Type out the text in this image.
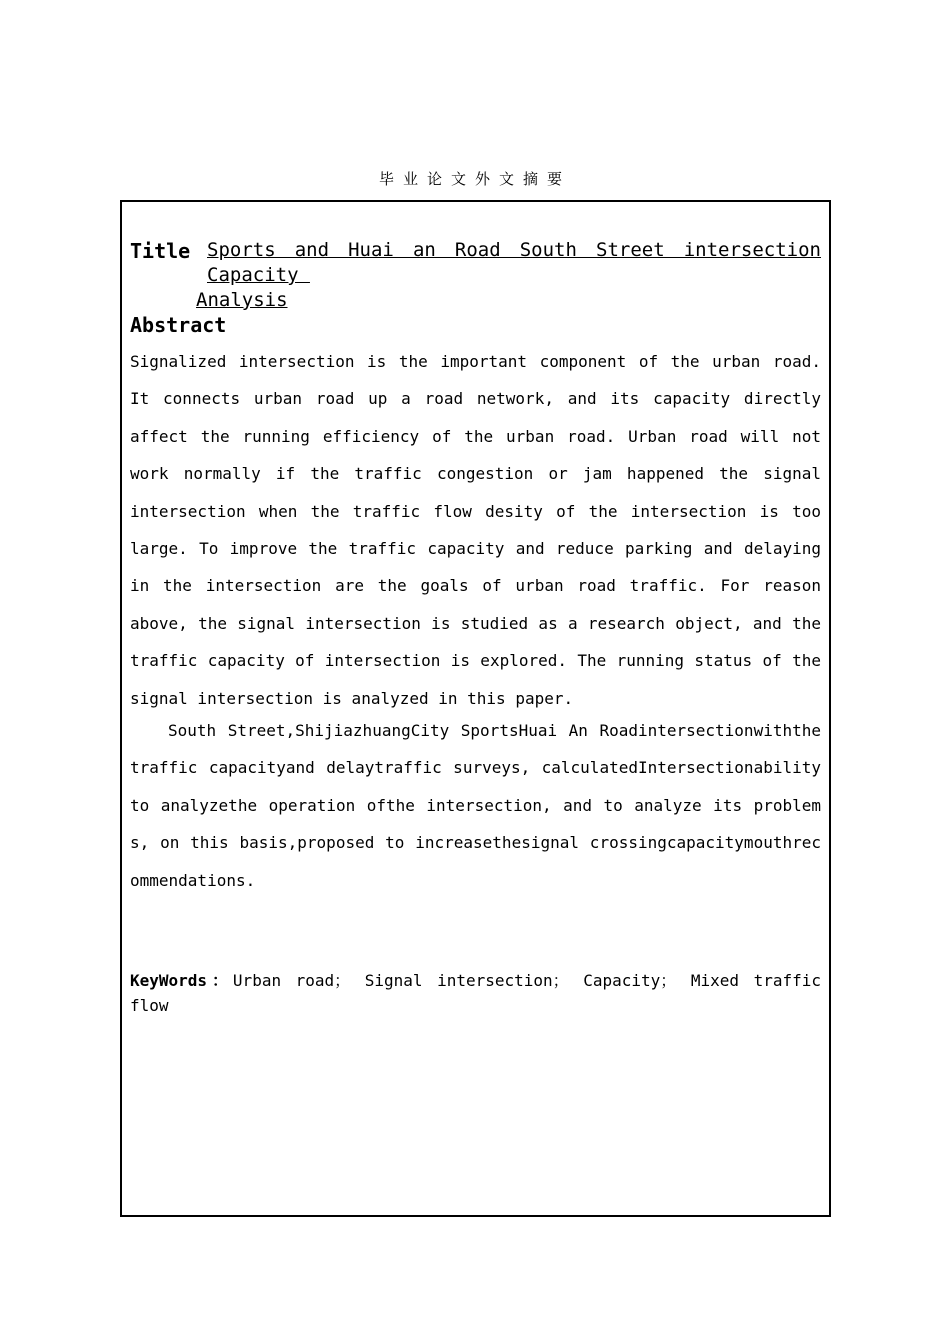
毕业论文外文摘要
Title Sports and Huai an Road South Street intersection
Capacity
Analysis
Abstract

Signalized intersection is the important component of the urban road. It connects urban road up a road network, and its capacity directly affect the running efficiency of the urban road. Urban road will not work normally if the traffic congestion or jam happened the signal intersection when the traffic flow desity of the intersection is too large. To improve the traffic capacity and reduce parking and delaying in the intersection are the goals of urban road traffic. For reason above, the signal intersection is studied as a research object, and the traffic capacity of intersection is explored. The running status of the signal intersection is analyzed in this paper.

South Street,ShijiazhuangCity SportsHuai An Roadintersectionwiththe traffic capacityand delaytraffic surveys, calculatedIntersectionability to analyzethe operation ofthe intersection, and to analyze its problems, on this basis,proposed to increasethesignal crossingcapacitymouthrecommendations.

KeyWords：Urban road； Signal intersection； Capacity； Mixed traffic flow
